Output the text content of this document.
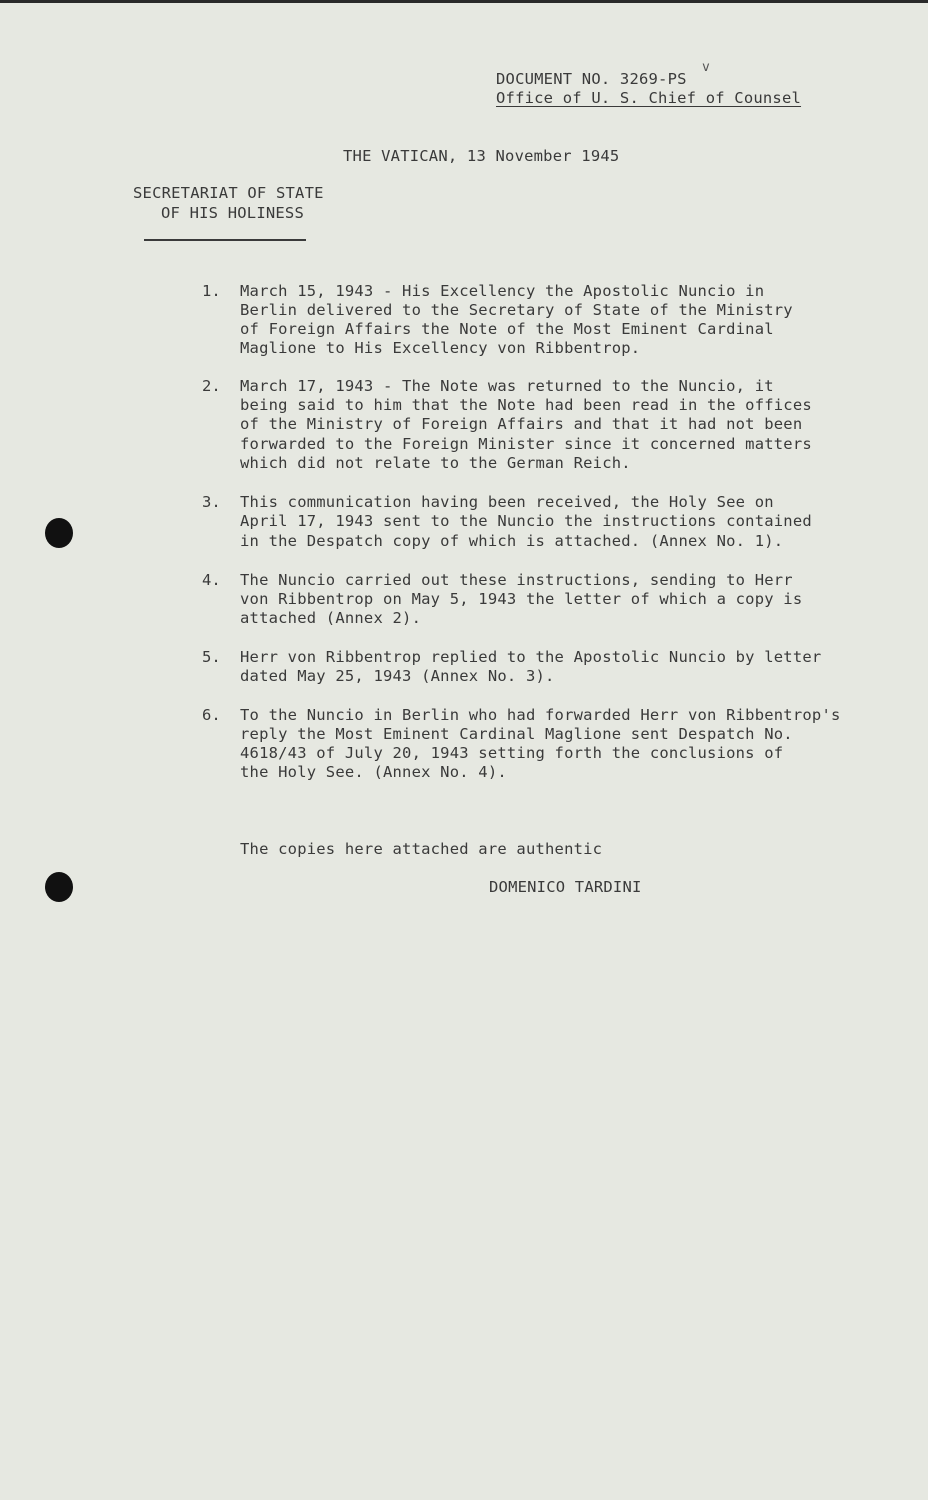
DOCUMENT NO. 3269-PS
v
Office of U. S. Chief of Counsel
THE VATICAN, 13 November 1945
SECRETARIAT OF STATE
OF HIS HOLINESS
1. March 15, 1943 - His Excellency the Apostolic Nuncio in
Berlin delivered to the Secretary of State of the Ministry
of Foreign Affairs the Note of the Most Eminent Cardinal
Maglione to His Excellency von Ribbentrop.
2. March 17, 1943 - The Note was returned to the Nuncio, it
being said to him that the Note had been read in the offices
of the Ministry of Foreign Affairs and that it had not been
forwarded to the Foreign Minister since it concerned matters
which did not relate to the German Reich.
3. This communication having been received, the Holy See on
April 17, 1943 sent to the Nuncio the instructions contained
in the Despatch copy of which is attached. (Annex No. 1).
4. The Nuncio carried out these instructions, sending to Herr
von Ribbentrop on May 5, 1943 the letter of which a copy is
attached (Annex 2).
5. Herr von Ribbentrop replied to the Apostolic Nuncio by letter
dated May 25, 1943 (Annex No. 3).
6. To the Nuncio in Berlin who had forwarded Herr von Ribbentrop's
reply the Most Eminent Cardinal Maglione sent Despatch No.
4618/43 of July 20, 1943 setting forth the conclusions of
the Holy See. (Annex No. 4).
The copies here attached are authentic
DOMENICO TARDINI
